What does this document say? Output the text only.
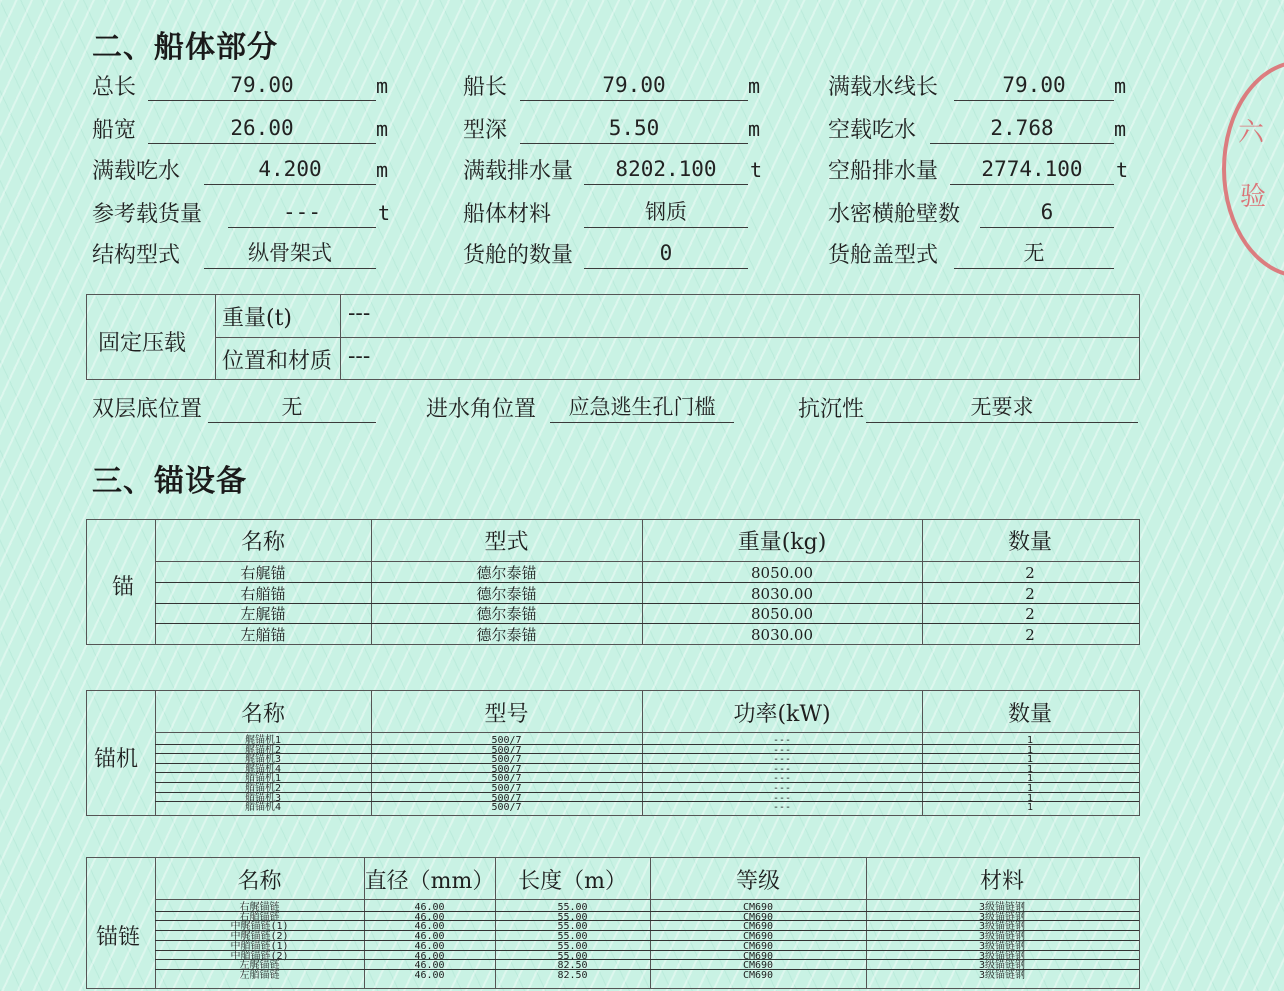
二、船体部分
总长	79.00	m	船长	79.00	m	满载水线长	79.00	m
船宽	26.00	m	型深	5.50	m	空载吃水	2.768	m
满载吃水	4.200	m	满载排水量	8202.100	t	空船排水量	2774.100	t
参考载货量	---	t	船体材料	钢质	水密横舱壁数	6
结构型式	纵骨架式	货舱的数量	0	货舱盖型式	无
固定压载
重量(t)	---
位置和材质 ---
双层底位置	无	进水角位置	应急逃生孔门槛	抗沉性	无要求
三、锚设备
锚
名称	型式	重量(kg)	数量
右艉锚	德尔泰锚	8050.00	2
右艏锚	德尔泰锚	8030.00	2
左艉锚	德尔泰锚	8050.00	2
左艏锚	德尔泰锚	8030.00	2
锚机
名称	型号	功率(kW)	数量
艉锚机1	500/7	---	1
艉锚机2	500/7	---	1
艉锚机3	500/7	---	1
艉锚机4	500/7	---	1
艏锚机1	500/7	---	1
艏锚机2	500/7	---	1
艏锚机3	500/7	---	1
艏锚机4	500/7	---	1
锚链
名称	直径（mm）	长度（m）	等级	材料
右艉锚链	46.00	55.00	CM690	3级锚链钢
右艏锚链	46.00	55.00	CM690	3级锚链钢
中艉锚链(1)	46.00	55.00	CM690	3级锚链钢
中艉锚链(2)	46.00	55.00	CM690	3级锚链钢
中艏锚链(1)	46.00	55.00	CM690	3级锚链钢
中艏锚链(2)	46.00	55.00	CM690	3级锚链钢
左艉锚链	46.00	82.50	CM690	3级锚链钢
左艏锚链	46.00	82.50	CM690	3级锚链钢
六
验
